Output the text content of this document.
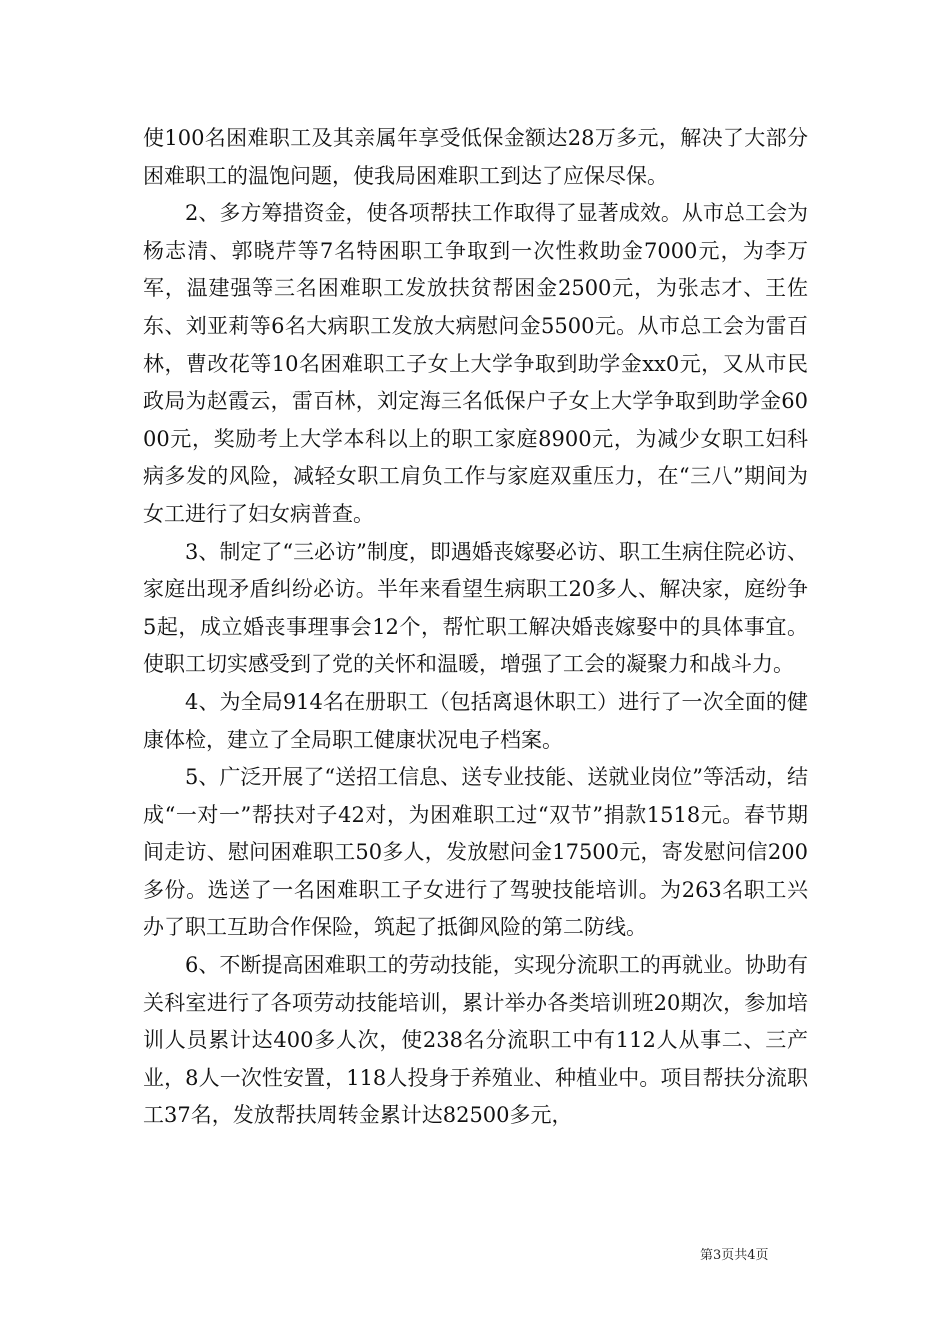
使100名困难职工及其亲属年享受低保金额达28万多元，解决了大部分困难职工的温饱问题，使我局困难职工到达了应保尽保。

2、多方筹措资金，使各项帮扶工作取得了显著成效。从市总工会为杨志清、郭晓芹等7名特困职工争取到一次性救助金7000元，为李万军，温建强等三名困难职工发放扶贫帮困金2500元，为张志才、王佐东、刘亚莉等6名大病职工发放大病慰问金5500元。从市总工会为雷百林，曹改花等10名困难职工子女上大学争取到助学金xx0元，又从市民政局为赵霞云，雷百林，刘定海三名低保户子女上大学争取到助学金6000元，奖励考上大学本科以上的职工家庭8900元，为减少女职工妇科病多发的风险，减轻女职工肩负工作与家庭双重压力，在“三八”期间为女工进行了妇女病普查。

3、制定了“三必访”制度，即遇婚丧嫁娶必访、职工生病住院必访、家庭出现矛盾纠纷必访。半年来看望生病职工20多人、解决家，庭纷争5起，成立婚丧事理事会12个，帮忙职工解决婚丧嫁娶中的具体事宜。使职工切实感受到了党的关怀和温暖，增强了工会的凝聚力和战斗力。

4、为全局914名在册职工（包括离退休职工）进行了一次全面的健康体检，建立了全局职工健康状况电子档案。

5、广泛开展了“送招工信息、送专业技能、送就业岗位”等活动，结成“一对一”帮扶对子42对，为困难职工过“双节”捐款1518元。春节期间走访、慰问困难职工50多人，发放慰问金17500元，寄发慰问信200多份。选送了一名困难职工子女进行了驾驶技能培训。为263名职工兴办了职工互助合作保险，筑起了抵御风险的第二防线。

6、不断提高困难职工的劳动技能，实现分流职工的再就业。协助有关科室进行了各项劳动技能培训，累计举办各类培训班20期次，参加培训人员累计达400多人次，使238名分流职工中有112人从事二、三产业，8人一次性安置，118人投身于养殖业、种植业中。项目帮扶分流职工37名，发放帮扶周转金累计达82500多元，

第3页共4页
